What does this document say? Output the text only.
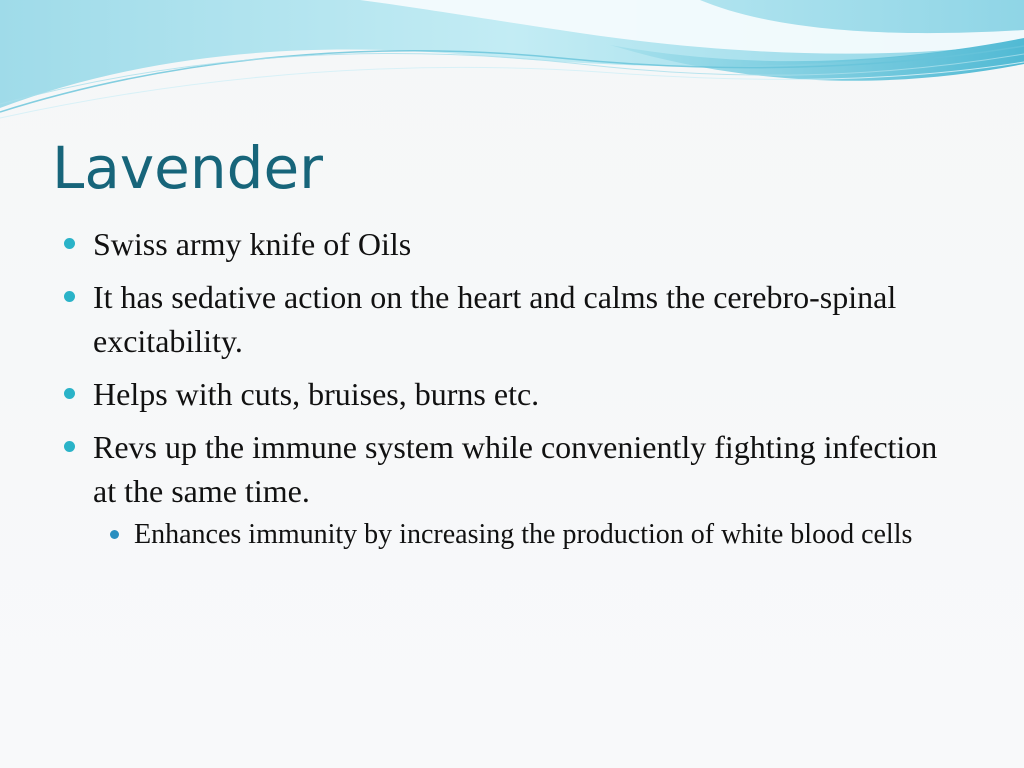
Lavender
Swiss army knife of Oils
It has sedative action on the heart and calms the cerebro-spinal excitability.
Helps with cuts, bruises, burns etc.
Revs up the immune system while conveniently fighting infection at the same time.
Enhances immunity by increasing the production of white blood cells
